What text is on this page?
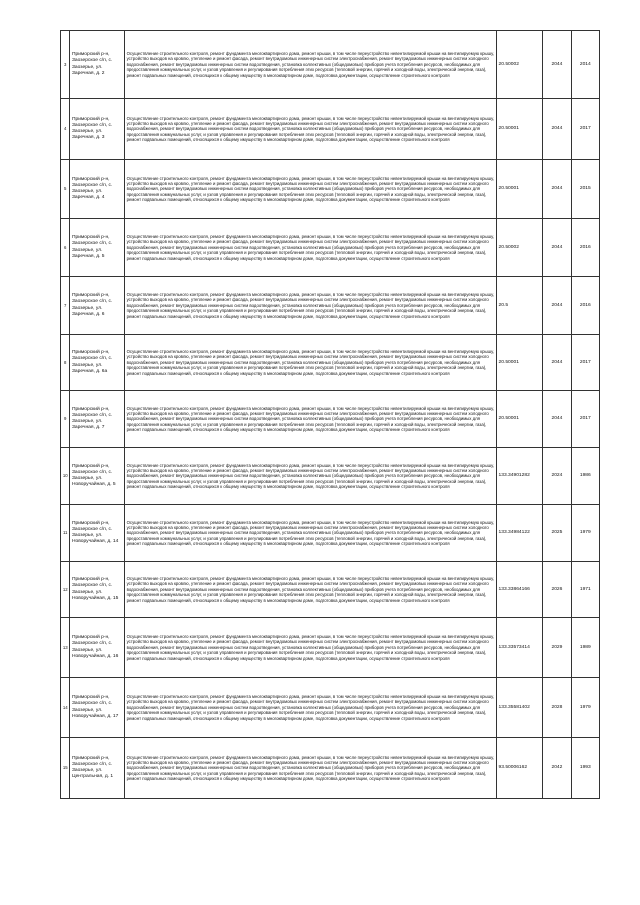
3	Приморский р-н, Заозерское с/п, с. Заозерье, ул. Заречная, д. 2	Осуществление строительного контроля, ремонт фундамента многоквартирного дома, ремонт крыши, в том числе переустройство невентилируемой крыши на вентилируемую крышу, устройство выходов на кровлю, утепление и ремонт фасада, ремонт внутридомовых инженерных систем электроснабжения, ремонт внутридомовых инженерных систем холодного водоснабжения, ремонт внутридомовых инженерных систем водоотведения, установка коллективных (общедомовых) приборов учета потребления ресурсов, необходимых для предоставления коммунальных услуг, и узлов управления и регулирования потребления этих ресурсов (тепловой энергии, горячей и холодной воды, электрической энергии, газа), ремонт подвальных помещений, относящихся к общему имуществу в многоквартирном доме, подготовка документации, осуществление строительного контроля	20.50002	2044	2014
4	Приморский р-н, Заозерское с/п, с. Заозерье, ул. Заречная, д. 3	Осуществление строительного контроля, ремонт фундамента многоквартирного дома, ремонт крыши, в том числе переустройство невентилируемой крыши на вентилируемую крышу, устройство выходов на кровлю, утепление и ремонт фасада, ремонт внутридомовых инженерных систем электроснабжения, ремонт внутридомовых инженерных систем холодного водоснабжения, ремонт внутридомовых инженерных систем водоотведения, установка коллективных (общедомовых) приборов учета потребления ресурсов, необходимых для предоставления коммунальных услуг, и узлов управления и регулирования потребления этих ресурсов (тепловой энергии, горячей и холодной воды, электрической энергии, газа), ремонт подвальных помещений, относящихся к общему имуществу в многоквартирном доме, подготовка документации, осуществление строительного контроля	20.50001	2044	2017
5	Приморский р-н, Заозерское с/п, с. Заозерье, ул. Заречная, д. 4	Осуществление строительного контроля, ремонт фундамента многоквартирного дома, ремонт крыши, в том числе переустройство невентилируемой крыши на вентилируемую крышу, устройство выходов на кровлю, утепление и ремонт фасада, ремонт внутридомовых инженерных систем электроснабжения, ремонт внутридомовых инженерных систем холодного водоснабжения, ремонт внутридомовых инженерных систем водоотведения, установка коллективных (общедомовых) приборов учета потребления ресурсов, необходимых для предоставления коммунальных услуг, и узлов управления и регулирования потребления этих ресурсов (тепловой энергии, горячей и холодной воды, электрической энергии, газа), ремонт подвальных помещений, относящихся к общему имуществу в многоквартирном доме, подготовка документации, осуществление строительного контроля	20.50001	2044	2015
6	Приморский р-н, Заозерское с/п, с. Заозерье, ул. Заречная, д. 5	Осуществление строительного контроля, ремонт фундамента многоквартирного дома, ремонт крыши, в том числе переустройство невентилируемой крыши на вентилируемую крышу, устройство выходов на кровлю, утепление и ремонт фасада, ремонт внутридомовых инженерных систем электроснабжения, ремонт внутридомовых инженерных систем холодного водоснабжения, ремонт внутридомовых инженерных систем водоотведения, установка коллективных (общедомовых) приборов учета потребления ресурсов, необходимых для предоставления коммунальных услуг, и узлов управления и регулирования потребления этих ресурсов (тепловой энергии, горячей и холодной воды, электрической энергии, газа), ремонт подвальных помещений, относящихся к общему имуществу в многоквартирном доме, подготовка документации, осуществление строительного контроля	20.50002	2044	2016
7	Приморский р-н, Заозерское с/п, с. Заозерье, ул. Заречная, д. 6	Осуществление строительного контроля, ремонт фундамента многоквартирного дома, ремонт крыши, в том числе переустройство невентилируемой крыши на вентилируемую крышу, устройство выходов на кровлю, утепление и ремонт фасада, ремонт внутридомовых инженерных систем электроснабжения, ремонт внутридомовых инженерных систем холодного водоснабжения, ремонт внутридомовых инженерных систем водоотведения, установка коллективных (общедомовых) приборов учета потребления ресурсов, необходимых для предоставления коммунальных услуг, и узлов управления и регулирования потребления этих ресурсов (тепловой энергии, горячей и холодной воды, электрической энергии, газа), ремонт подвальных помещений, относящихся к общему имуществу в многоквартирном доме, подготовка документации, осуществление строительного контроля	20.5	2044	2016
8	Приморский р-н, Заозерское с/п, с. Заозерье, ул. Заречная, д. 6а	Осуществление строительного контроля, ремонт фундамента многоквартирного дома, ремонт крыши, в том числе переустройство невентилируемой крыши на вентилируемую крышу, устройство выходов на кровлю, утепление и ремонт фасада, ремонт внутридомовых инженерных систем электроснабжения, ремонт внутридомовых инженерных систем холодного водоснабжения, ремонт внутридомовых инженерных систем водоотведения, установка коллективных (общедомовых) приборов учета потребления ресурсов, необходимых для предоставления коммунальных услуг, и узлов управления и регулирования потребления этих ресурсов (тепловой энергии, горячей и холодной воды, электрической энергии, газа), ремонт подвальных помещений, относящихся к общему имуществу в многоквартирном доме, подготовка документации, осуществление строительного контроля	20.50001	2044	2017
9	Приморский р-н, Заозерское с/п, с. Заозерье, ул. Заречная, д. 7	Осуществление строительного контроля, ремонт фундамента многоквартирного дома, ремонт крыши, в том числе переустройство невентилируемой крыши на вентилируемую крышу, устройство выходов на кровлю, утепление и ремонт фасада, ремонт внутридомовых инженерных систем электроснабжения, ремонт внутридомовых инженерных систем холодного водоснабжения, ремонт внутридомовых инженерных систем водоотведения, установка коллективных (общедомовых) приборов учета потребления ресурсов, необходимых для предоставления коммунальных услуг, и узлов управления и регулирования потребления этих ресурсов (тепловой энергии, горячей и холодной воды, электрической энергии, газа), ремонт подвальных помещений, относящихся к общему имуществу в многоквартирном доме, подготовка документации, осуществление строительного контроля	20.50001	2044	2017
10	Приморский р-н, Заозерское с/п, с. Заозерье, ул. Новоручайная, д. 5	Осуществление строительного контроля, ремонт фундамента многоквартирного дома, ремонт крыши, в том числе переустройство невентилируемой крыши на вентилируемую крышу, устройство выходов на кровлю, утепление и ремонт фасада, ремонт внутридомовых инженерных систем электроснабжения, ремонт внутридомовых инженерных систем холодного водоснабжения, ремонт внутридомовых инженерных систем водоотведения, установка коллективных (общедомовых) приборов учета потребления ресурсов, необходимых для предоставления коммунальных услуг, и узлов управления и регулирования потребления этих ресурсов (тепловой энергии, горячей и холодной воды, электрической энергии, газа), ремонт подвальных помещений, относящихся к общему имуществу в многоквартирном доме, подготовка документации, осуществление строительного контроля	133.34901282	2024	1986
11	Приморский р-н, Заозерское с/п, с. Заозерье, ул. Новоручайная, д. 14	Осуществление строительного контроля, ремонт фундамента многоквартирного дома, ремонт крыши, в том числе переустройство невентилируемой крыши на вентилируемую крышу, устройство выходов на кровлю, утепление и ремонт фасада, ремонт внутридомовых инженерных систем электроснабжения, ремонт внутридомовых инженерных систем холодного водоснабжения, ремонт внутридомовых инженерных систем водоотведения, установка коллективных (общедомовых) приборов учета потребления ресурсов, необходимых для предоставления коммунальных услуг, и узлов управления и регулирования потребления этих ресурсов (тепловой энергии, горячей и холодной воды, электрической энергии, газа), ремонт подвальных помещений, относящихся к общему имуществу в многоквартирном доме, подготовка документации, осуществление строительного контроля	133.34984122	2025	1979
12	Приморский р-н, Заозерское с/п, с. Заозерье, ул. Новоручайная, д. 15	Осуществление строительного контроля, ремонт фундамента многоквартирного дома, ремонт крыши, в том числе переустройство невентилируемой крыши на вентилируемую крышу, устройство выходов на кровлю, утепление и ремонт фасада, ремонт внутридомовых инженерных систем электроснабжения, ремонт внутридомовых инженерных систем холодного водоснабжения, ремонт внутридомовых инженерных систем водоотведения, установка коллективных (общедомовых) приборов учета потребления ресурсов, необходимых для предоставления коммунальных услуг, и узлов управления и регулирования потребления этих ресурсов (тепловой энергии, горячей и холодной воды, электрической энергии, газа), ремонт подвальных помещений, относящихся к общему имуществу в многоквартирном доме, подготовка документации, осуществление строительного контроля	133.33864166	2026	1971
13	Приморский р-н, Заозерское с/п, с. Заозерье, ул. Новоручайная, д. 16	Осуществление строительного контроля, ремонт фундамента многоквартирного дома, ремонт крыши, в том числе переустройство невентилируемой крыши на вентилируемую крышу, устройство выходов на кровлю, утепление и ремонт фасада, ремонт внутридомовых инженерных систем электроснабжения, ремонт внутридомовых инженерных систем холодного водоснабжения, ремонт внутридомовых инженерных систем водоотведения, установка коллективных (общедомовых) приборов учета потребления ресурсов, необходимых для предоставления коммунальных услуг, и узлов управления и регулирования потребления этих ресурсов (тепловой энергии, горячей и холодной воды, электрической энергии, газа), ремонт подвальных помещений, относящихся к общему имуществу в многоквартирном доме, подготовка документации, осуществление строительного контроля	133.33573414	2029	1989
14	Приморский р-н, Заозерское с/п, с. Заозерье, ул. Новоручайная, д. 17	Осуществление строительного контроля, ремонт фундамента многоквартирного дома, ремонт крыши, в том числе переустройство невентилируемой крыши на вентилируемую крышу, устройство выходов на кровлю, утепление и ремонт фасада, ремонт внутридомовых инженерных систем электроснабжения, ремонт внутридомовых инженерных систем холодного водоснабжения, ремонт внутридомовых инженерных систем водоотведения, установка коллективных (общедомовых) приборов учета потребления ресурсов, необходимых для предоставления коммунальных услуг, и узлов управления и регулирования потребления этих ресурсов (тепловой энергии, горячей и холодной воды, электрической энергии, газа), ремонт подвальных помещений, относящихся к общему имуществу в многоквартирном доме, подготовка документации, осуществление строительного контроля	133.35581402	2028	1979
15	Приморский р-н, Заозерское с/п, с. Заозерье, ул. Центральная, д. 1	Осуществление строительного контроля, ремонт фундамента многоквартирного дома, ремонт крыши, в том числе переустройство невентилируемой крыши на вентилируемую крышу, устройство выходов на кровлю, утепление и ремонт фасада, ремонт внутридомовых инженерных систем электроснабжения, ремонт внутридомовых инженерных систем холодного водоснабжения, ремонт внутридомовых инженерных систем водоотведения, установка коллективных (общедомовых) приборов учета потребления ресурсов, необходимых для предоставления коммунальных услуг, и узлов управления и регулирования потребления этих ресурсов (тепловой энергии, горячей и холодной воды, электрической энергии, газа), ремонт подвальных помещений, относящихся к общему имуществу в многоквартирном доме, подготовка документации, осуществление строительного контроля	93.50006162	2042	1993
